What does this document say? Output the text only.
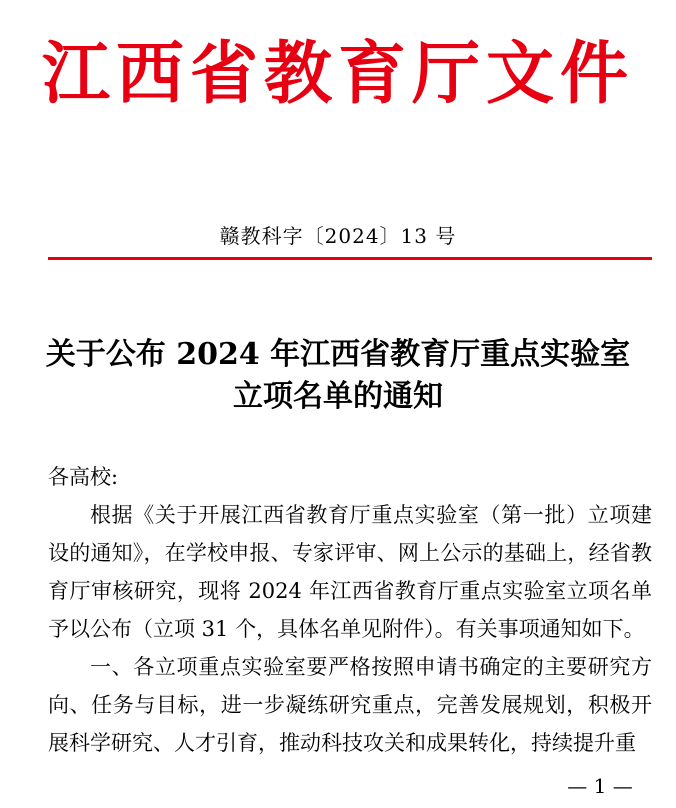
江西省教育厅文件
赣教科字〔2024〕13 号
关于公布 2024 年江西省教育厅重点实验室
立项名单的通知

各高校:

根据《关于开展江西省教育厅重点实验室（第一批）立项建设的通知》，在学校申报、专家评审、网上公示的基础上，经省教育厅审核研究，现将 2024 年江西省教育厅重点实验室立项名单予以公布（立项 31 个，具体名单见附件）。有关事项通知如下。

一、各立项重点实验室要严格按照申请书确定的主要研究方向、任务与目标，进一步凝练研究重点，完善发展规划，积极开展科学研究、人才引育，推动科技攻关和成果转化，持续提升重

— 1 —
